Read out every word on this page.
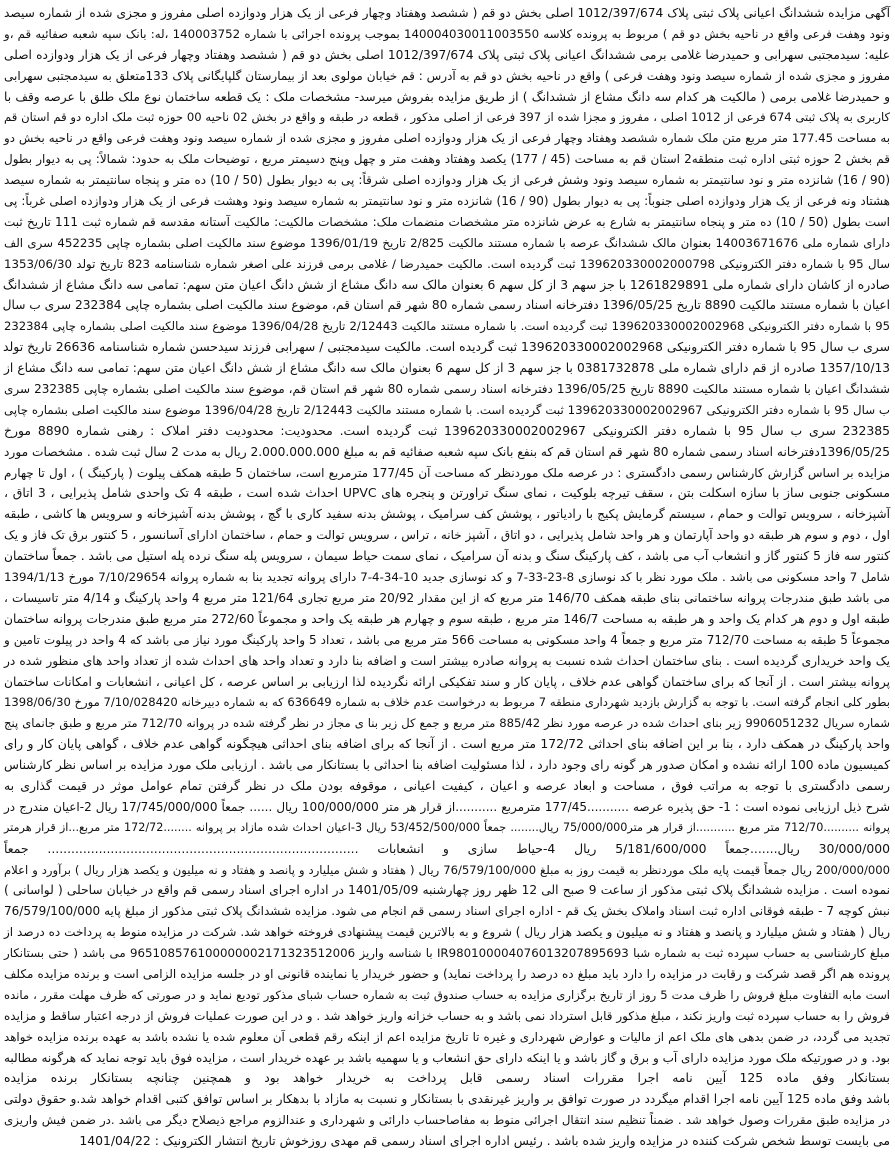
آگهی مزایده ششدانگ اعیانی پلاک ثبتی پلاک 1012/397/674 اصلی بخش دو قم ( ششصد وهفتاد وچهار فرعی از یک هزار ودوازده اصلی مفروز و مجزی شده از شماره سیصد
ونود وهفت فرعی واقع در ناحیه بخش دو قم ) مربوط به پرونده کلاسه 140004030011003550 بموجب پرونده اجرائی با شماره 140003752 ،له: بانک سپه شعبه صفائیه قم ،و
علیه: سیدمجتبی سهرابی و حمیدرضا غلامی برمی ششدانگ اعیانی پلاک ثبتی پلاک 1012/397/674 اصلی بخش دو قم ( ششصد وهفتاد وچهار فرعی از یک هزار ودوازده اصلی
مفروز و مجزی شده از شماره سیصد ونود وهفت فرعی ) واقع در ناحیه بخش دو قم به آدرس : قم خیابان مولوی بعد از بیمارستان گلپایگانی پلاک 133متعلق به سیدمجتبی سهرابی
و حمیدرضا غلامی برمی ( مالکیت هر کدام سه دانگ مشاع از ششدانگ ) از طریق مزایده بفروش میرسد- مشخصات ملک : یک قطعه ساختمان نوع ملک طلق با عرصه وقف با
کاربری به پلاک ثبتی 674 فرعی از 1012 اصلی ، مفروز و مجزا شده از 397 فرعی از اصلی مذکور ، قطعه در طبقه و واقع در بخش 02 ناحیه 00 حوزه ثبت ملک اداره دو قم استان قم
به مساحت 177.45 متر مربع متن ملک شماره ششصد وهفتاد وچهار فرعی از یک هزار ودوازده اصلی مفروز و مجزی شده از شماره سیصد ونود وهفت فرعی واقع در ناحیه بخش دو
قم بخش 2 حوزه ثبتی اداره ثبت منطقه2 استان قم به مساحت (45 / 177) یکصد وهفتاد وهفت متر و چهل وپنج دسیمتر مربع ، توضیحات ملک به حدود: شمالاً: پی به دیوار بطول
(90 / 16) شانزده متر و نود سانتیمتر به شماره سیصد ونود وشش فرعی از یک هزار ودوازده اصلی شرقاً: پی به دیوار بطول (50 / 10) ده متر و پنجاه سانتیمتر به شماره سیصد
هشتاد ونه فرعی از یک هزار ودوازده اصلی جنوباً: پی به دیوار بطول (90 / 16) شانزده متر و نود سانتیمتر به شماره سیصد ونود وهشت فرعی از یک هزار ودوازده اصلی غرباً: پی
است بطول (50 / 10) ده متر و پنجاه سانتیمتر به شارع به عرض شانزده متر مشخصات منضمات ملک: مشخصات مالکیت: مالکیت آستانه مقدسه قم شماره ثبت 111 تاریخ ثبت
دارای شماره ملی 14003671676 بعنوان مالک ششدانگ عرصه با شماره مستند مالکیت 2/825 تاریخ 1396/01/19 موضوع سند مالکیت اصلی بشماره چاپی 452235 سری الف
سال 95 با شماره دفتر الکترونیکی 139620330002000798 ثبت گردیده است. مالکیت حمیدرضا / غلامی برمی فرزند علی اصغر شماره شناسنامه 823 تاریخ تولد 1353/06/30
صادره از کاشان دارای شماره ملی 1261829891 با جز سهم 3 از کل سهم 6 بعنوان مالک سه دانگ مشاع از شش دانگ اعیان متن سهم: تمامی سه دانگ مشاع از ششدانگ
اعیان با شماره مستند مالکیت 8890 تاریخ 1396/05/25 دفترخانه اسناد رسمی شماره 80 شهر قم استان قم، موضوع سند مالکیت اصلی بشماره چاپی 232384 سری ب سال
95 با شماره دفتر الکترونیکی 139620330002002968 ثبت گردیده است. با شماره مستند مالکیت 2/12443 تاریخ 1396/04/28 موضوع سند مالکیت اصلی بشماره چاپی 232384
سری ب سال 95 با شماره دفتر الکترونیکی 139620330002002968 ثبت گردیده است. مالکیت سیدمجتبی / سهرابی فرزند سیدحسن شماره شناسنامه 26636 تاریخ تولد
1357/10/13 صادره از قم دارای شماره ملی 0381732878 با جز سهم 3 از کل سهم 6 بعنوان مالک سه دانگ مشاع از شش دانگ اعیان متن سهم: تمامی سه دانگ مشاع از
ششدانگ اعیان با شماره مستند مالکیت 8890 تاریخ 1396/05/25 دفترخانه اسناد رسمی شماره 80 شهر قم استان قم، موضوع سند مالکیت اصلی بشماره چاپی 232385 سری
ب سال 95 با شماره دفتر الکترونیکی 139620330002002967 ثبت گردیده است. با شماره مستند مالکیت 2/12443 تاریخ 1396/04/28 موضوع سند مالکیت اصلی بشماره چاپی
232385 سری ب سال 95 با شماره دفتر الکترونیکی 139620330002002967 ثبت گردیده است. محدودیت: محدودیت دفتر املاک : رهنی شماره 8890 مورخ
1396/05/25دفترخانه اسناد رسمی شماره 80 شهر قم استان قم که بنفع بانک سپه شعبه صفائیه قم به مبلغ 2.000.000.000 ریال به مدت 2 سال ثبت شده . مشخصات مورد
مزایده بر اساس گزارش کارشناس رسمی دادگستری : در عرصه ملک موردنظر که مساحت آن 177/45 مترمربع است، ساختمان 5 طبقه همکف پیلوت ( پارکینگ ) ، اول تا چهارم
مسکونی جنوبی ساز با سازه اسکلت بتن ، سقف تیرچه بلوکیت ، نمای سنگ تراورتن و پنجره های UPVC احداث شده است ، طبقه 4 تک واحدی شامل پذیرایی ، 3 اتاق ،
آشپزخانه ، سرویس توالت و حمام ، سیستم گرمایش پکیج با رادیاتور ، پوشش کف سرامیک ، پوشش بدنه سفید کاری با گچ ، پوشش بدنه آشپزخانه و سرویس ها کاشی ، طبقه
اول ، دوم و سوم هر طبقه دو واحد آپارتمان و هر واحد شامل پذیرایی ، دو اتاق ، آشپز خانه ، تراس ، سرویس توالت و حمام ، ساختمان ادارای آسانسور ، 5 کنتور برق تک فاز و یک
کنتور سه فاز 5 کنتور گاز و انشعاب آب می باشد ، کف پارکینگ سنگ و بدنه آن سرامیک ، نمای سمت حیاط سیمان ، سرویس پله سنگ نرده پله استیل می باشد . جمعاً ساختمان
شامل 7 واحد مسکونی می باشد . ملک مورد نظر با کد نوسازی 8-23-33-7 و کد نوسازی جدید 10-34-4-7 دارای پروانه تجدید بنا به شماره پروانه 7/10/29654 مورخ 1394/1/13
می باشد طبق مندرجات پروانه ساختمانی بنای طبقه همکف 146/70 متر مربع که از این مقدار 20/92 متر مربع تجاری 121/64 متر مربع 4 واحد پارکینگ و 4/14 متر تاسیسات ،
طبقه اول و دوم هر کدام یک واحد و هر طبقه به مساحت 146/7 متر مربع ، طبقه سوم و چهارم هر طبقه یک واحد و مجموعاً 272/60 متر مربع طبق مندرجات پروانه ساختمان
مجموعاً 5 طبقه به مساحت 712/70 متر مربع و جمعاً 4 واحد مسکونی به مساحت 566 متر مربع می باشد ، تعداد 5 واحد پارکینگ مورد نیاز می باشد که 4 واحد در پیلوت تامین و
یک واحد خریداری گردیده است . بنای ساختمان احداث شده نسبت به پروانه صادره بیشتر است و اضافه بنا دارد و تعداد واحد های احداث شده از تعداد واحد های منظور شده در
پروانه بیشتر است . از آنجا که برای ساختمان گواهی عدم خلاف ، پایان کار و سند تفکیکی ارائه نگردیده لذا ارزیابی بر اساس عرصه ، کل اعیانی ، انشعابات و امکانات ساختمان
بطور کلی انجام گرفته است. با توجه به گزارش بازدید شهرداری منطقه 7 مربوط به درخواست عدم خلاف به شماره 636649 که به شماره دبیرخانه 7/10/028420 مورخ 1398/06/30
شماره سریال 9906051232 زیر بنای احداث شده در عرصه مورد نظر 885/42 متر مربع و جمع کل زیر بنا ی مجاز در نظر گرفته شده در پروانه 712/70 متر مربع و طبق جانمای پنج
واحد پارکینگ در همکف دارد ، بنا بر این اضافه بنای احداثی 172/72 متر مربع است . از آنجا که برای اضافه بنای احداثی هیچگونه گواهی عدم خلاف ، گواهی پایان کار و رای
کمیسیون ماده 100 ارائه نشده و امکان صدور هر گونه رای وجود دارد ، لذا مسئولیت اضافه بنا احداثی با بستانکار می باشد . ارزیابی ملک مورد مزایده بر اساس نظر کارشناس
رسمی دادگستری با توجه به مراتب فوق ، مساحت و ابعاد عرصه و اعیان ، کیفیت اعیانی ، موقوفه بودن ملک در نظر گرفتن تمام عوامل موثر در قیمت گذاری به
شرح ذیل ارزیابی نموده است : 1- حق پذیره عرصه ...........177/45 مترمربع ...........از قرار هر متر 100/000/000 ریال ...... جمعاً 17/745/000/000 ریال 2-اعیان مندرج در
پروانه ..........712/70 متر مربع ...........از قرار هر متر75/000/000 ریال........ جمعاً 53/452/500/000 ریال 3-اعیان احداث شده مازاد بر پروانه ........172/72 متر مربع...از قرار هرمتر
30/000/000 ریال.......جمعاً 5/181/600/000 ریال 4-حیاط سازی و انشعابات ............................................................................... جمعاً
200/000/000 ریال جمعاً قیمت پایه ملک موردنظر به قیمت روز به مبلغ 76/579/100/000 ریال ( هفتاد و شش میلیارد و پانصد و هفتاد و نه میلیون و یکصد هزار ریال ) برآورد و اعلام
نموده است . مزایده ششدانگ پلاک ثبتی مذکور از ساعت 9 صبح الی 12 ظهر روز چهارشنبه 1401/05/09 در اداره اجرای اسناد رسمی قم واقع در خیابان ساحلی ( لواسانی )
نبش کوچه 7 - طبقه فوقانی اداره ثبت اسناد واملاک بخش یک قم - اداره اجرای اسناد رسمی قم انجام می شود. مزایده ششدانگ پلاک ثبتی مذکور از مبلغ پایه 76/579/100/000
ریال ( هفتاد و شش میلیارد و پانصد و هفتاد و نه میلیون و یکصد هزار ریال ) شروع و به بالاترین قیمت پیشنهادی فروخته خواهد شد. شرکت در مزایده منوط به پرداخت ده درصد از
مبلغ کارشناسی به حساب سپرده ثبت به شماره شبا IR980100004076013207895693 با شناسه واریز 965108576100000002171323512006 می باشد ( حتی بستانکار
پرونده هم اگر قصد شرکت و رقابت در مزایده را دارد باید مبلغ ده درصد را پرداخت نماید) و حضور خریدار یا نماینده قانونی او در جلسه مزایده الزامی است و برنده مزایده مکلف
است مابه التفاوت مبلغ فروش را ظرف مدت 5 روز از تاریخ برگزاری مزایده به حساب صندوق ثبت به شماره حساب شبای مذکور تودیع نماید و در صورتی که ظرف مهلت مقرر ، مانده
فروش را به حساب سپرده ثبت واریز نکند ، مبلغ مذکور قابل استرداد نمی باشد و به حساب خزانه واریز خواهد شد . و در این صورت عملیات فروش از درجه اعتبار ساقط و مزایده
تجدید می گردد، در ضمن بدهی های ملک اعم از مالیات و عوارض شهرداری و غیره تا تاریخ مزایده اعم از اینکه رقم قطعی آن معلوم شده یا نشده باشد به عهده برنده مزایده خواهد
بود. و در صورتیکه ملک مورد مزایده دارای آب و برق و گاز باشد و یا اینکه دارای حق انشعاب و یا سهمیه باشد بر عهده خریدار است ، مزایده فوق باید توجه نماید که هرگونه مطالبه
بستانکار وفق ماده 125 آیین نامه اجرا مقررات اسناد رسمی قابل پرداخت به خریدار خواهد بود و همچنین چنانچه بستانکار برنده مزایده
باشد وفق ماده 125 آیین نامه اجرا اقدام میگردد در صورت توافق بر واریز غیرنقدی با بستانکار و نسبت به مازاد با بدهکار بر اساس توافق کتبی اقدام خواهد شد.و حقوق دولتی
در مزایده طبق مقررات وصول خواهد شد . ضمناً تنظیم سند انتقال اجرائی منوط به مفاصاحساب دارائی و شهرداری و عندالزوم مراجع ذیصلاح دیگر می باشد .در ضمن فیش واریزی
می بایست توسط شخص شرکت کننده در مزایده واریز شده باشد . رئیس اداره اجرای اسناد رسمی قم مهدی روزخوش تاریخ انتشار الکترونیک : 1401/04/22
